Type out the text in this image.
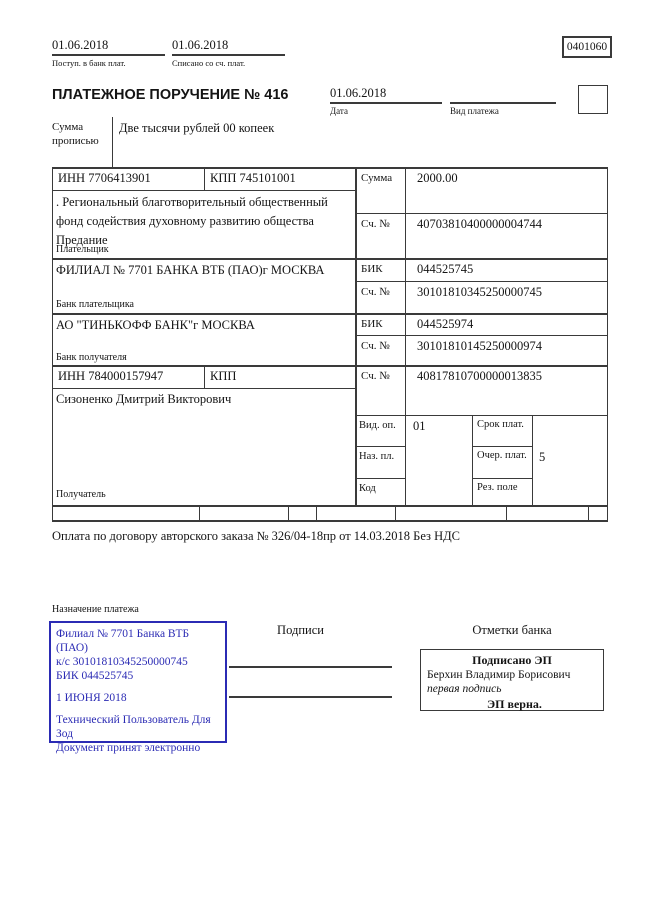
01.06.2018
Поступ. в банк плат.
01.06.2018
Списано со сч. плат.
0401060
ПЛАТЕЖНОЕ ПОРУЧЕНИЕ № 416	01.06.2018
Дата	Вид платежа
Сумма прописью
Две тысячи рублей 00 копеек
ИНН 7706413901	КПП 745101001	Сумма 2000.00
. Региональный благотворительный общественный фонд содействия духовному развитию общества Предание
Плательщик
Сч. № 40703810400000004744
ФИЛИАЛ № 7701 БАНКА ВТБ (ПАО)г МОСКВА	БИК	044525745
Сч. № 30101810345250000745
Банк плательщика
АО "ТИНЬКОФФ БАНК"г МОСКВА	БИК	044525974
Сч. № 30101810145250000974
Банк получателя
ИНН 784000157947	КПП	Сч. № 40817810700000013835
Сизоненко Дмитрий Викторович
Получатель
Вид. оп. 01	Срок плат.
Наз. пл.	Очер. плат. 5
Код	Рез. поле
Оплата по договору авторского заказа № 326/04-18пр от 14.03.2018 Без НДС
Назначение платежа
Филиал № 7701 Банка ВТБ (ПАО)
к/с 30101810345250000745
БИК 044525745
1 ИЮНЯ 2018
Технический Пользователь Для Зод
Документ принят электронно
Подписи	Отметки банка
Подписано ЭП
Берхин Владимир Борисович
первая подпись
ЭП верна.
